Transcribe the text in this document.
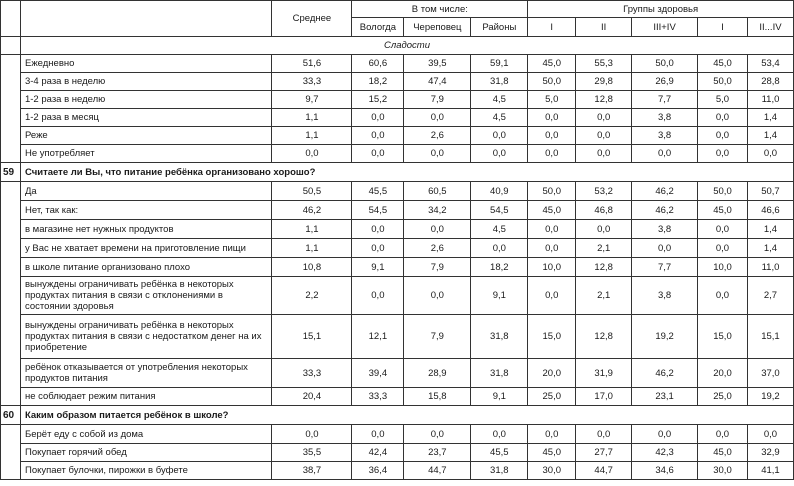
		Среднее	В том числе:			Группы здоровья				
			Вологда	Череповец	Районы	I	II	III+IV	I	II...IV
	Сладости									
	Ежедневно	51,6	60,6	39,5	59,1	45,0	55,3	50,0	45,0	53,4
	3-4 раза в неделю	33,3	18,2	47,4	31,8	50,0	29,8	26,9	50,0	28,8
	1-2 раза в неделю	9,7	15,2	7,9	4,5	5,0	12,8	7,7	5,0	11,0
	1-2 раза в месяц	1,1	0,0	0,0	4,5	0,0	0,0	3,8	0,0	1,4
	Реже	1,1	0,0	2,6	0,0	0,0	0,0	3,8	0,0	1,4
	Не употребляет	0,0	0,0	0,0	0,0	0,0	0,0	0,0	0,0	0,0
59	Считаете ли Вы, что питание ребёнка организовано хорошо?									
	Да	50,5	45,5	60,5	40,9	50,0	53,2	46,2	50,0	50,7
	Нет, так как:	46,2	54,5	34,2	54,5	45,0	46,8	46,2	45,0	46,6
	в магазине нет нужных продуктов	1,1	0,0	0,0	4,5	0,0	0,0	3,8	0,0	1,4
	у Вас не хватает времени на приготовление пищи	1,1	0,0	2,6	0,0	0,0	2,1	0,0	0,0	1,4
	в школе питание организовано плохо	10,8	9,1	7,9	18,2	10,0	12,8	7,7	10,0	11,0
	вынуждены ограничивать ребёнка в некоторых продуктах питания в связи с отклонениями в состоянии здоровья	2,2	0,0	0,0	9,1	0,0	2,1	3,8	0,0	2,7
	вынуждены ограничивать ребёнка в некоторых продуктах питания в связи с недостатком денег на их приобретение	15,1	12,1	7,9	31,8	15,0	12,8	19,2	15,0	15,1
	ребёнок отказывается от употребления некоторых продуктов питания	33,3	39,4	28,9	31,8	20,0	31,9	46,2	20,0	37,0
	не соблюдает режим питания	20,4	33,3	15,8	9,1	25,0	17,0	23,1	25,0	19,2
60	Каким образом питается ребёнок в школе?									
	Берёт еду с собой из дома	0,0	0,0	0,0	0,0	0,0	0,0	0,0	0,0	0,0
	Покупает горячий обед	35,5	42,4	23,7	45,5	45,0	27,7	42,3	45,0	32,9
	Покупает булочки, пирожки в буфете	38,7	36,4	44,7	31,8	30,0	44,7	34,6	30,0	41,1
